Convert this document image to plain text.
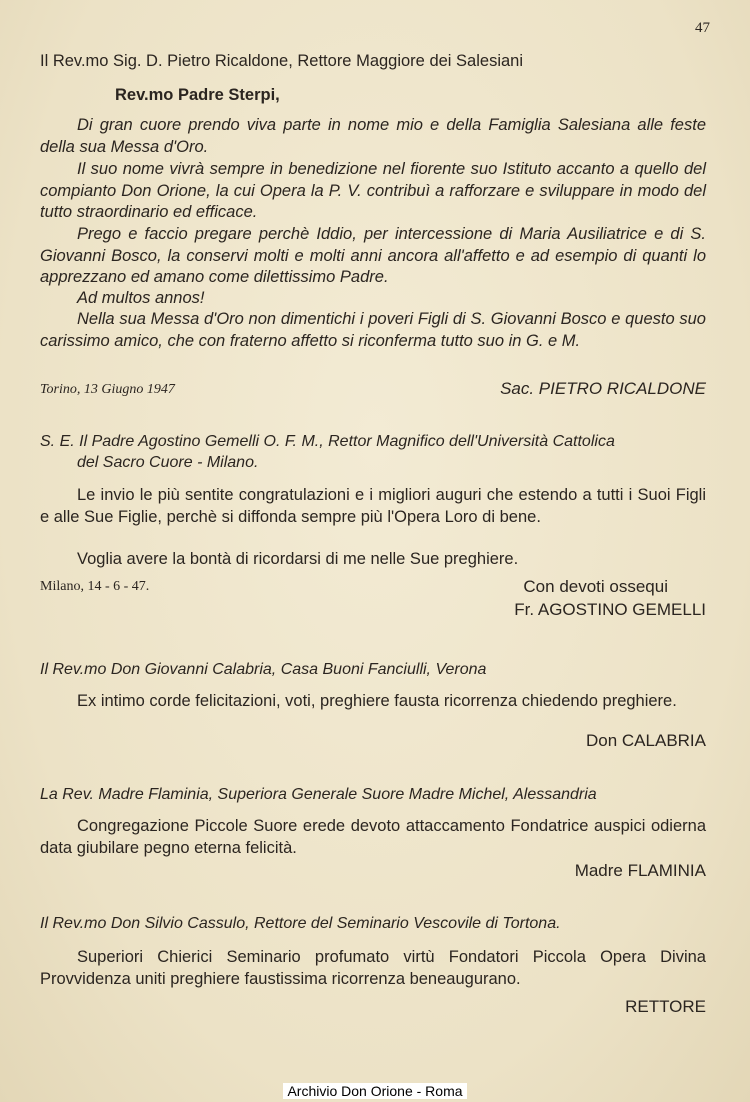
47
Il Rev.mo Sig. D. Pietro Ricaldone, Rettore Maggiore dei Salesiani
Rev.mo Padre Sterpi,
Di gran cuore prendo viva parte in nome mio e della Famiglia Salesiana alle feste della sua Messa d'Oro.
Il suo nome vivrà sempre in benedizione nel fiorente suo Istituto accanto a quello del compianto Don Orione, la cui Opera la P. V. contribuì a rafforzare e sviluppare in modo del tutto straordinario ed efficace.
Prego e faccio pregare perchè Iddio, per intercessione di Maria Ausiliatrice e di S. Giovanni Bosco, la conservi molti e molti anni ancora all'affetto e ad esempio di quanti lo apprezzano ed amano come dilettissimo Padre.
Ad multos annos!
Nella sua Messa d'Oro non dimentichi i poveri Figli di S. Giovanni Bosco e questo suo carissimo amico, che con fraterno affetto si riconferma tutto suo in G. e M.
Torino, 13 Giugno 1947	Sac. PIETRO RICALDONE
S. E. Il Padre Agostino Gemelli O. F. M., Rettor Magnifico dell'Università Cattolica
del Sacro Cuore - Milano.
Le invio le più sentite congratulazioni e i migliori auguri che estendo a tutti i Suoi Figli e alle Sue Figlie, perchè si diffonda sempre più l'Opera Loro di bene.
Voglia avere la bontà di ricordarsi di me nelle Sue preghiere.
Milano, 14 - 6 - 47.	Con devoti ossequi
Fr. AGOSTINO GEMELLI
Il Rev.mo Don Giovanni Calabria, Casa Buoni Fanciulli, Verona
Ex intimo corde felicitazioni, voti, preghiere fausta ricorrenza chiedendo preghiere.
Don CALABRIA
La Rev. Madre Flaminia, Superiora Generale Suore Madre Michel, Alessandria
Congregazione Piccole Suore erede devoto attaccamento Fondatrice auspici odierna data giubilare pegno eterna felicità.
Madre FLAMINIA
Il Rev.mo Don Silvio Cassulo, Rettore del Seminario Vescovile di Tortona.
Superiori Chierici Seminario profumato virtù Fondatori Piccola Opera Divina Provvidenza uniti preghiere faustissima ricorrenza beneaugurano.
RETTORE
Archivio Don Orione - Roma
